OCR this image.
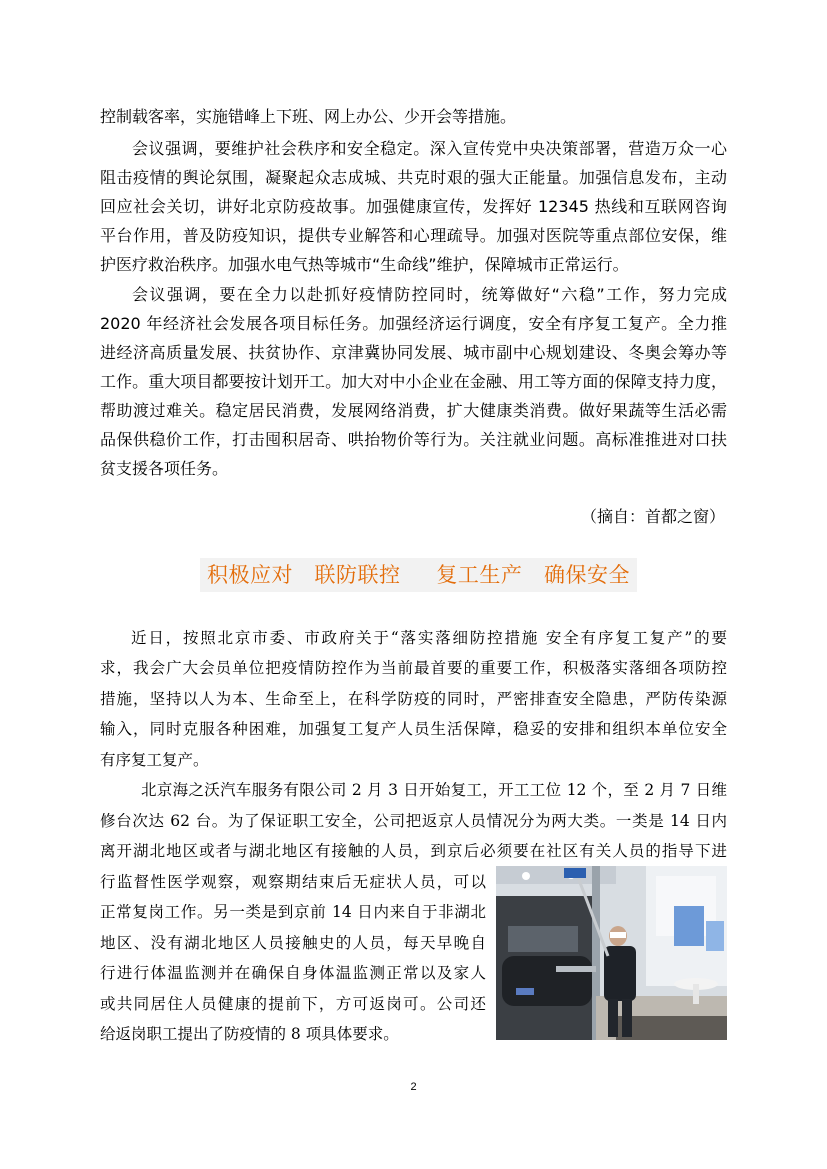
控制载客率，实施错峰上下班、网上办公、少开会等措施。
会议强调，要维护社会秩序和安全稳定。深入宣传党中央决策部署，营造万众一心
阻击疫情的舆论氛围，凝聚起众志成城、共克时艰的强大正能量。加强信息发布，主动
回应社会关切，讲好北京防疫故事。加强健康宣传，发挥好 12345 热线和互联网咨询
平台作用，普及防疫知识，提供专业解答和心理疏导。加强对医院等重点部位安保，维
护医疗救治秩序。加强水电气热等城市“生命线”维护，保障城市正常运行。
会议强调，要在全力以赴抓好疫情防控同时，统筹做好“六稳”工作，努力完成
2020 年经济社会发展各项目标任务。加强经济运行调度，安全有序复工复产。全力推
进经济高质量发展、扶贫协作、京津冀协同发展、城市副中心规划建设、冬奥会筹办等
工作。重大项目都要按计划开工。加大对中小企业在金融、用工等方面的保障支持力度，
帮助渡过难关。稳定居民消费，发展网络消费，扩大健康类消费。做好果蔬等生活必需
品保供稳价工作，打击囤积居奇、哄抬物价等行为。关注就业问题。高标准推进对口扶
贫支援各项任务。
（摘自：首都之窗）
积极应对   联防联控     复工生产   确保安全
近日，按照北京市委、市政府关于“落实落细防控措施 安全有序复工复产”的要
求，我会广大会员单位把疫情防控作为当前最首要的重要工作，积极落实落细各项防控
措施，坚持以人为本、生命至上，在科学防疫的同时，严密排查安全隐患，严防传染源
输入，同时克服各种困难，加强复工复产人员生活保障，稳妥的安排和组织本单位安全
有序复工复产。
北京海之沃汽车服务有限公司 2 月 3 日开始复工，开工工位 12 个，至 2 月 7 日维
修台次达 62 台。为了保证职工安全，公司把返京人员情况分为两大类。一类是 14 日内
离开湖北地区或者与湖北地区有接触的人员，到京后必须要在社区有关人员的指导下进
行监督性医学观察，观察期结束后无症状人员，可以
正常复岗工作。另一类是到京前 14 日内来自于非湖北
地区、没有湖北地区人员接触史的人员，每天早晚自
行进行体温监测并在确保自身体温监测正常以及家人
或共同居住人员健康的提前下，方可返岗可。公司还
给返岗职工提出了防疫情的 8 项具体要求。
2
